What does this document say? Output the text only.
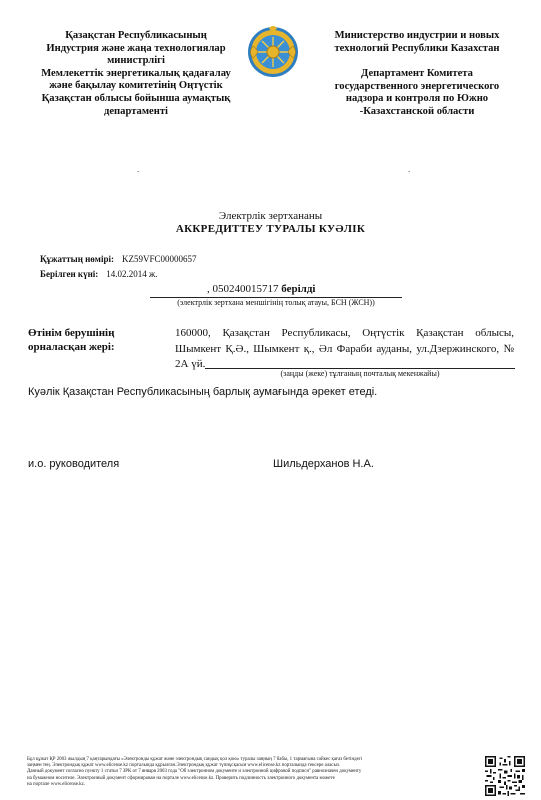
Қазақстан Республикасының

Индустрия және жаңа технологиялар

министрлігі

Мемлекеттік энергетикалық қадағалау

және бақылау комитетінің Оңтүстік

Қазақстан облысы бойынша аумақтық

департаменті

Министерство индустрии и новых

технологий Республики Казахстан

Департамент Комитета

государственного энергетического

надзора и контроля по Южно

-Казахстанской области

.	.
Электрлік зертхананы
АККРЕДИТТЕУ ТУРАЛЫ КУӘЛІК
Құжаттың нөмірі: KZ59VFC00000657
Берілген күні: 14.02.2014 ж.
, 050240015717 берілді
(электрлік зертхана меншігінің толық атауы, БСН (ЖСН))
Өтінім берушінің орналасқан жері:
160000, Қазақстан Республикасы, Оңтүстік Қазақстан облысы, Шымкент Қ.Ә., Шымкент қ., Әл Фараби ауданы, ул.Дзержинского, № 2А үй.
(заңды (жеке) тұлғаның почталық мекенжайы)
Куәлік Қазақстан Республикасының барлық аумағында әрекет етеді.
и.о. руководителя	Шильдерханов Н.А.

Бұл құжат ҚР 2003 жылдың 7 қаңтарындағы «Электронды құжат және электрондық сандық қол қою» туралы заңның 7 бабы, 1 тармағына сәйкес қағаз бетіндегі

заңмен тең. Электрондық құжат www.elicense.kz порталында құрылған.Электрондық құжат түпнұсқасын www.elicense.kz порталында тексере аласыз.

Данный документ согласно пункту 1 статьи 7 ЗРК от 7 января 2003 года "Об электронном документе и электронной цифровой подписи" равнозначен документу

на бумажном носителе. Электронный документ сформирован на портале www.elicense.kz. Проверить подлинность электронного документа можете

на портале www.elicense.kz.
